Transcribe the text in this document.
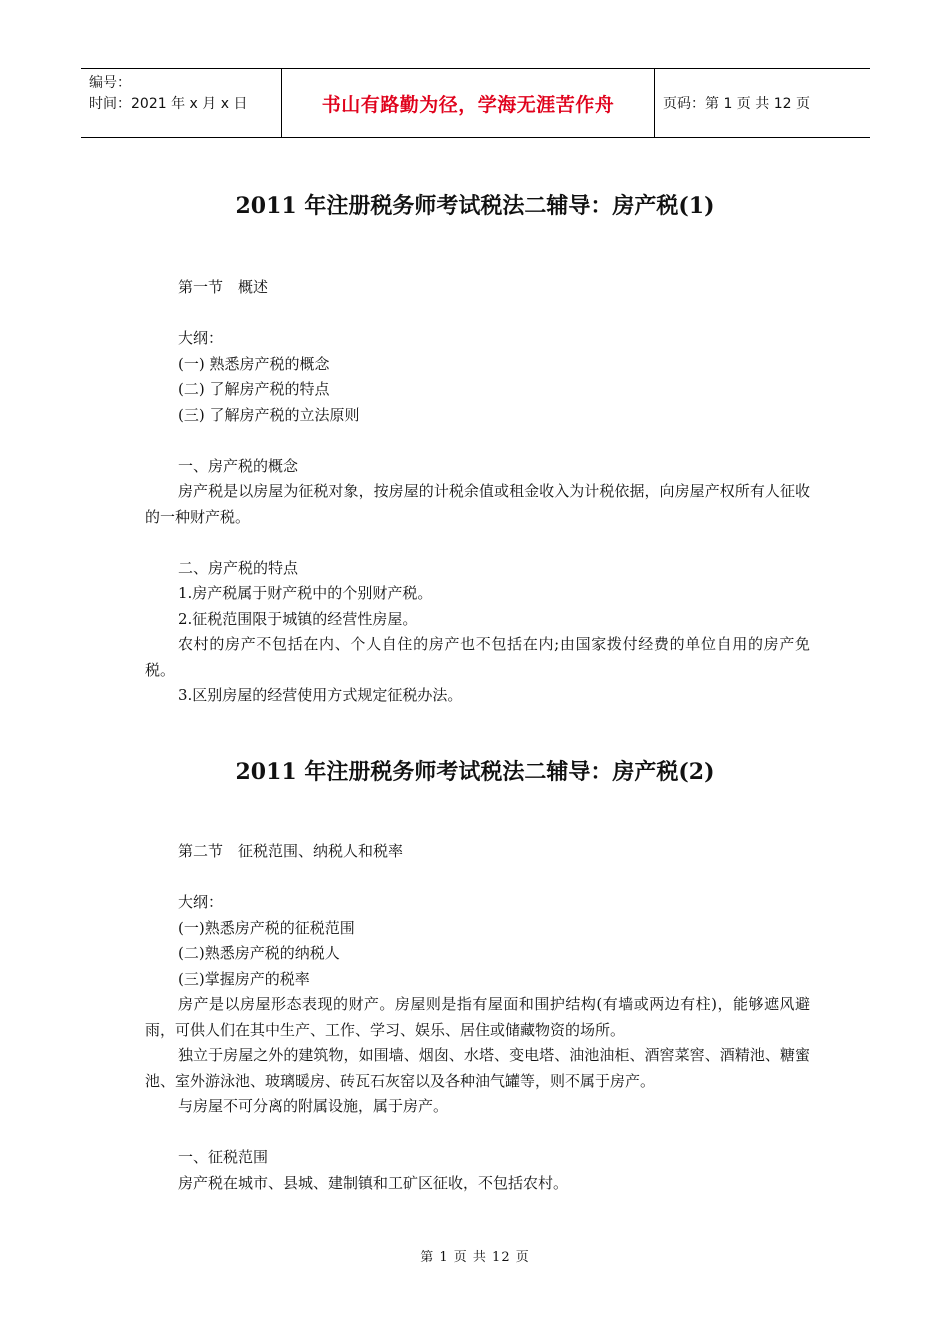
编号：
时间：2021 年 x 月 x 日	书山有路勤为径，学海无涯苦作舟	页码：第 1 页 共 12 页
2011 年注册税务师考试税法二辅导：房产税(1)
第一节　概述
大纲：
(一) 熟悉房产税的概念
(二) 了解房产税的特点
(三) 了解房产税的立法原则
一、房产税的概念
房产税是以房屋为征税对象，按房屋的计税余值或租金收入为计税依据，向房屋产权所有人征收的一种财产税。
二、房产税的特点
1.房产税属于财产税中的个别财产税。
2.征税范围限于城镇的经营性房屋。
农村的房产不包括在内、个人自住的房产也不包括在内;由国家拨付经费的单位自用的房产免税。
3.区别房屋的经营使用方式规定征税办法。
2011 年注册税务师考试税法二辅导：房产税(2)
第二节　征税范围、纳税人和税率
大纲：
(一)熟悉房产税的征税范围
(二)熟悉房产税的纳税人
(三)掌握房产的税率
房产是以房屋形态表现的财产。房屋则是指有屋面和围护结构(有墙或两边有柱)，能够遮风避雨，可供人们在其中生产、工作、学习、娱乐、居住或储藏物资的场所。
独立于房屋之外的建筑物，如围墙、烟囱、水塔、变电塔、油池油柜、酒窖菜窖、酒精池、糖蜜池、室外游泳池、玻璃暖房、砖瓦石灰窑以及各种油气罐等，则不属于房产。
与房屋不可分离的附属设施，属于房产。
一、征税范围
房产税在城市、县城、建制镇和工矿区征收，不包括农村。
第 1 页 共 12 页
